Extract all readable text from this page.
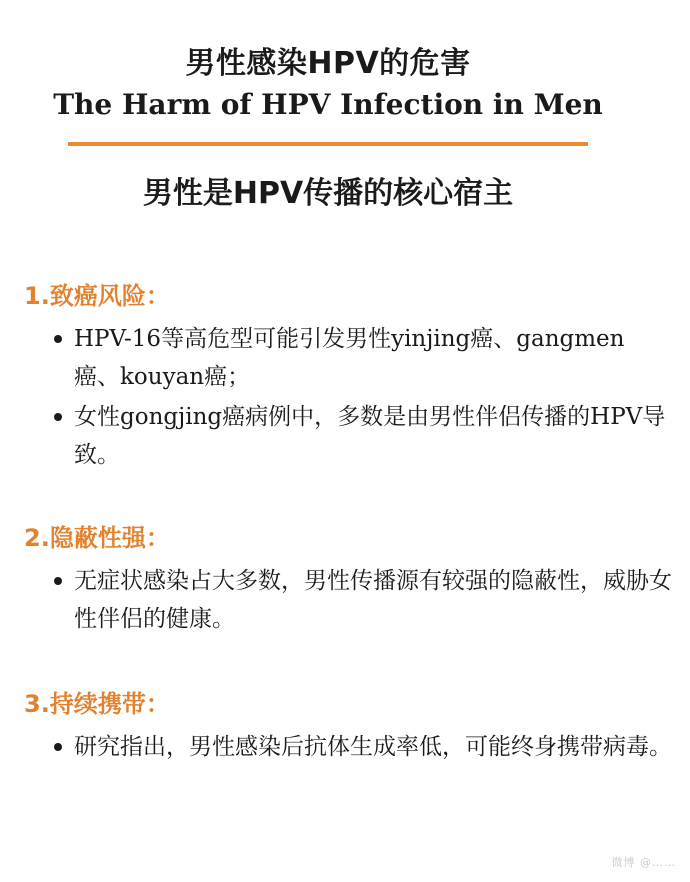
男性感染HPV的危害
The Harm of HPV Infection in Men
男性是HPV传播的核心宿主
1.致癌风险：
HPV-16等高危型可能引发男性yinjing癌、gangmen 癌、kouyan癌；
女性gongjing癌病例中，多数是由男性伴侣传播的HPV导致。
2.隐蔽性强：
无症状感染占大多数，男性传播源有较强的隐蔽性，威胁女性伴侣的健康。
3.持续携带：
研究指出，男性感染后抗体生成率低，可能终身携带病毒。
微博 @……
